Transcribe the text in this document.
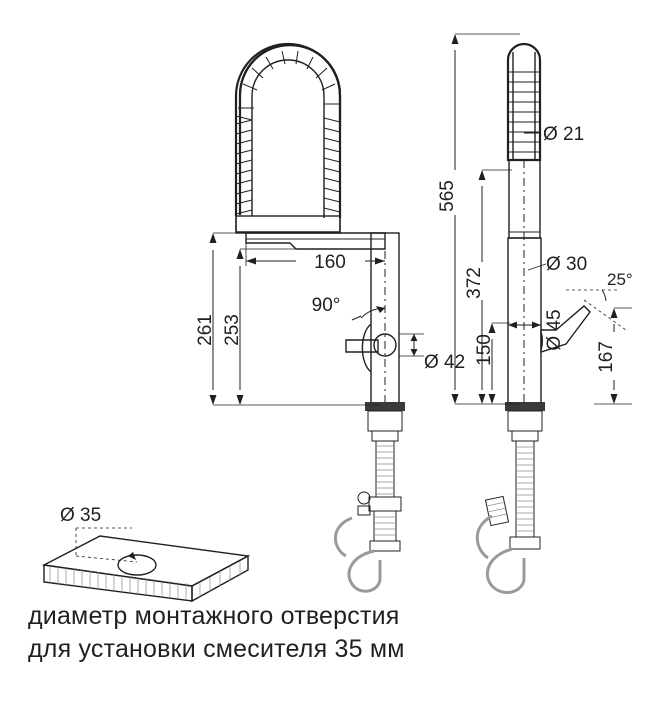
261 253
160
90°
Ø 42
565
372
150
Ø 21
Ø 30
Ø 45
25°
167
Ø 35
диаметр монтажного отверстия
для установки смесителя 35 мм
